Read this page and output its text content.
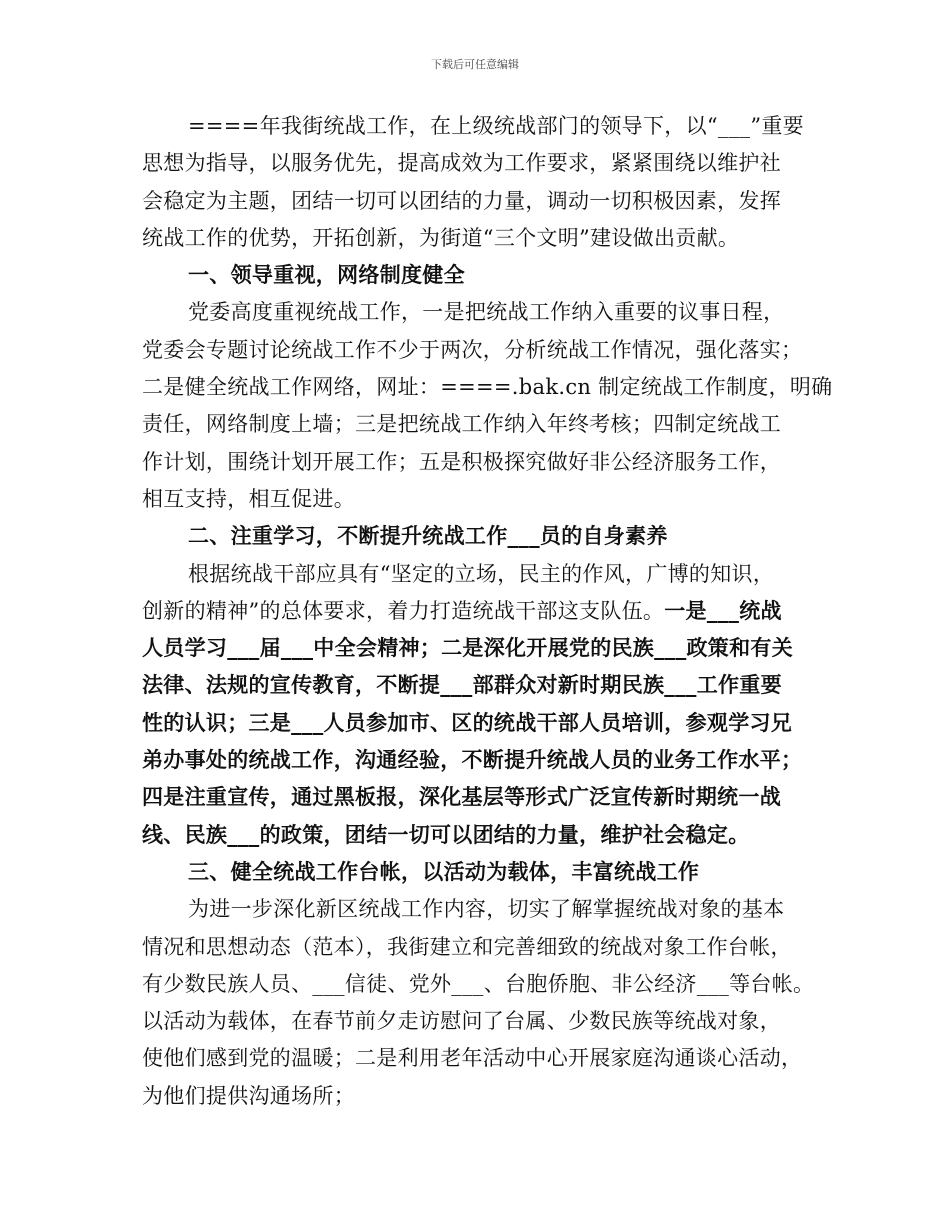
下载后可任意编辑
====年我街统战工作，在上级统战部门的领导下，以“___”重要
思想为指导，以服务优先，提高成效为工作要求，紧紧围绕以维护社
会稳定为主题，团结一切可以团结的力量，调动一切积极因素，发挥
统战工作的优势，开拓创新，为街道“三个文明”建设做出贡献。
一、领导重视，网络制度健全
党委高度重视统战工作，一是把统战工作纳入重要的议事日程，
党委会专题讨论统战工作不少于两次，分析统战工作情况，强化落实；
二是健全统战工作网络，网址：====.bak.cn 制定统战工作制度，明确
责任，网络制度上墙；三是把统战工作纳入年终考核；四制定统战工
作计划，围绕计划开展工作；五是积极探究做好非公经济服务工作，
相互支持，相互促进。
二、注重学习，不断提升统战工作___员的自身素养
根据统战干部应具有“坚定的立场，民主的作风，广博的知识，
创新的精神”的总体要求，着力打造统战干部这支队伍。一是___统战
人员学习___届___中全会精神；二是深化开展党的民族___政策和有关
法律、法规的宣传教育，不断提___部群众对新时期民族___工作重要
性的认识；三是___人员参加市、区的统战干部人员培训，参观学习兄
弟办事处的统战工作，沟通经验，不断提升统战人员的业务工作水平；
四是注重宣传，通过黑板报，深化基层等形式广泛宣传新时期统一战
线、民族___的政策，团结一切可以团结的力量，维护社会稳定。
三、健全统战工作台帐，以活动为载体，丰富统战工作
为进一步深化新区统战工作内容，切实了解掌握统战对象的基本
情况和思想动态（范本），我街建立和完善细致的统战对象工作台帐，
有少数民族人员、___信徒、党外___、台胞侨胞、非公经济___等台帐。
以活动为载体，在春节前夕走访慰问了台属、少数民族等统战对象，
使他们感到党的温暖；二是利用老年活动中心开展家庭沟通谈心活动，
为他们提供沟通场所；
